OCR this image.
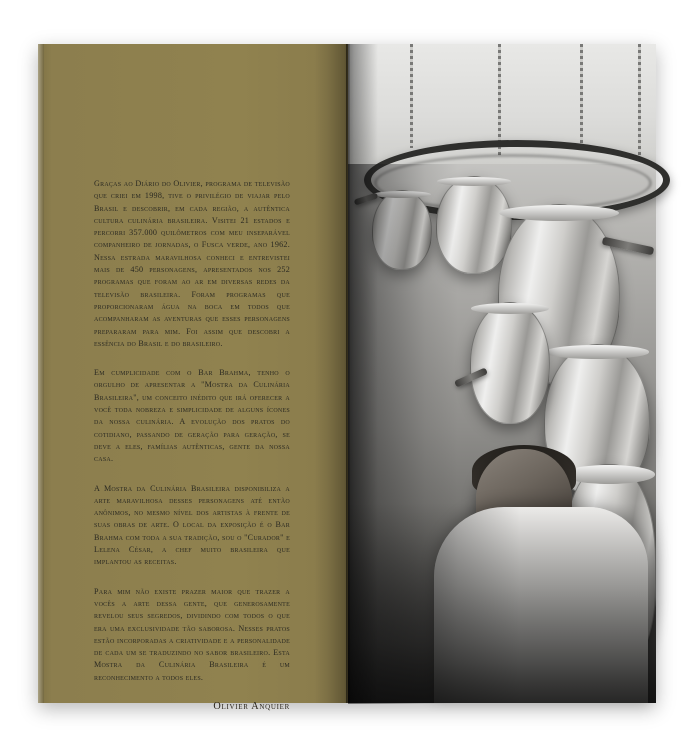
Graças ao Diário do Olivier, programa de televisão que criei em 1998, tive o privilégio de viajar pelo Brasil e descobrir, em cada região, a autêntica cultura culinária brasileira. Visitei 21 estados e percorri 357.000 quilômetros com meu inseparável companheiro de jornadas, o Fusca verde, ano 1962. Nessa estrada maravilhosa conheci e entrevistei mais de 450 personagens, apresentados nos 252 programas que foram ao ar em diversas redes da televisão brasileira. Foram programas que proporcionaram água na boca em todos que acompanharam as aventuras que esses personagens prepararam para mim. Foi assim que descobri a essência do Brasil e do brasileiro.

Em cumplicidade com o Bar Brahma, tenho o orgulho de apresentar a "Mostra da Culinária Brasileira", um conceito inédito que irá oferecer a você toda nobreza e simplicidade de alguns ícones da nossa culinária. A evolução dos pratos do cotidiano, passando de geração para geração, se deve a eles, famílias autênticas, gente da nossa casa.

A Mostra da Culinária Brasileira disponibiliza a arte maravilhosa desses personagens até então anônimos, no mesmo nível dos artistas à frente de suas obras de arte. O local da exposição é o Bar Brahma com toda a sua tradição, sou o "Curador" e Lelena César, a chef muito brasileira que implantou as receitas.

Para mim não existe prazer maior que trazer a vocês a arte dessa gente, que generosamente revelou seus segredos, dividindo com todos o que era uma exclusividade tão saborosa. Nesses pratos estão incorporadas a criatividade e a personalidade de cada um se traduzindo no sabor brasileiro. Esta Mostra da Culinária Brasileira é um reconhecimento a todos eles.

Olivier Anquier
